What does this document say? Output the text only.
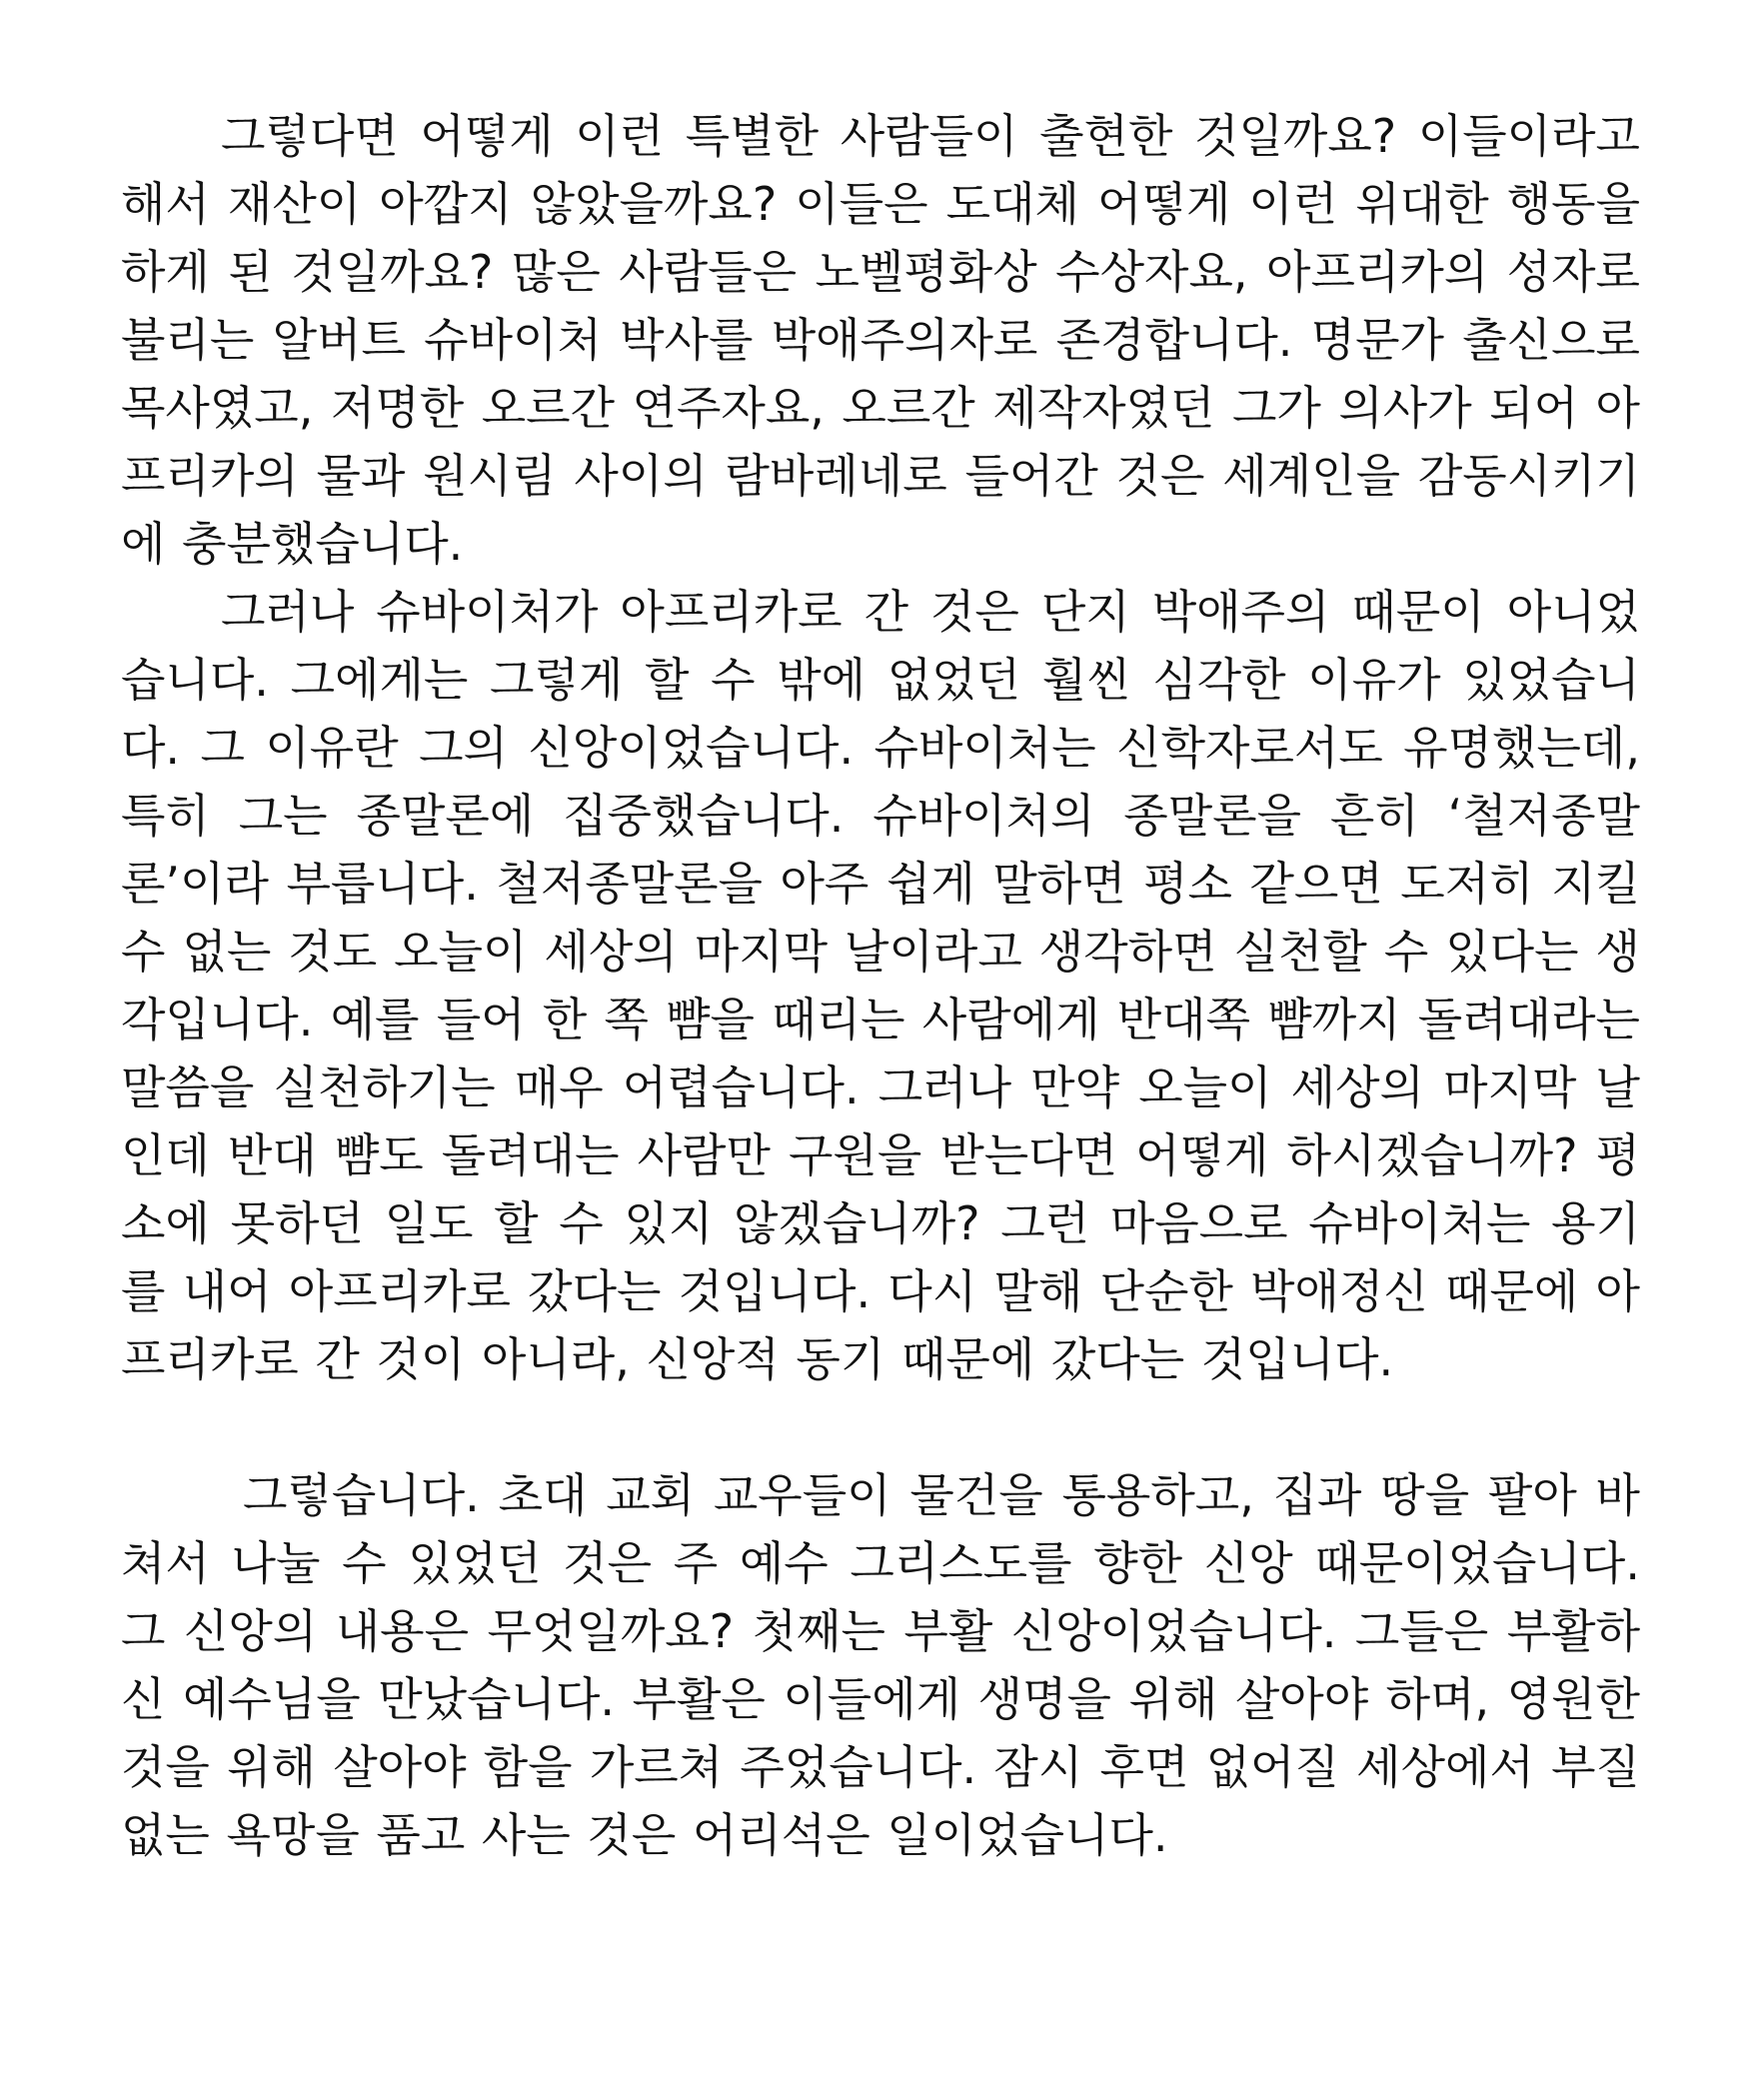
그렇다면 어떻게 이런 특별한 사람들이 출현한 것일까요? 이들이라고 해서 재산이 아깝지 않았을까요? 이들은 도대체 어떻게 이런 위대한 행동을 하게 된 것일까요? 많은 사람들은 노벨평화상 수상자요, 아프리카의 성자로 불리는 알버트 슈바이처 박사를 박애주의자로 존경합니다. 명문가 출신으로 목사였고, 저명한 오르간 연주자요, 오르간 제작자였던 그가 의사가 되어 아프리카의 물과 원시림 사이의 람바레네로 들어간 것은 세계인을 감동시키기에 충분했습니다.

그러나 슈바이처가 아프리카로 간 것은 단지 박애주의 때문이 아니었습니다. 그에게는 그렇게 할 수 밖에 없었던 훨씬 심각한 이유가 있었습니다. 그 이유란 그의 신앙이었습니다. 슈바이처는 신학자로서도 유명했는데, 특히 그는 종말론에 집중했습니다. 슈바이처의 종말론을 흔히 ‘철저종말론’이라 부릅니다. 철저종말론을 아주 쉽게 말하면 평소 같으면 도저히 지킬 수 없는 것도 오늘이 세상의 마지막 날이라고 생각하면 실천할 수 있다는 생각입니다. 예를 들어 한 쪽 뺨을 때리는 사람에게 반대쪽 뺨까지 돌려대라는 말씀을 실천하기는 매우 어렵습니다. 그러나 만약 오늘이 세상의 마지막 날인데 반대 뺨도 돌려대는 사람만 구원을 받는다면 어떻게 하시겠습니까? 평소에 못하던 일도 할 수 있지 않겠습니까? 그런 마음으로 슈바이처는 용기를 내어 아프리카로 갔다는 것입니다. 다시 말해 단순한 박애정신 때문에 아프리카로 간 것이 아니라, 신앙적 동기 때문에 갔다는 것입니다.

그렇습니다. 초대 교회 교우들이 물건을 통용하고, 집과 땅을 팔아 바쳐서 나눌 수 있었던 것은 주 예수 그리스도를 향한 신앙 때문이었습니다. 그 신앙의 내용은 무엇일까요? 첫째는 부활 신앙이었습니다. 그들은 부활하신 예수님을 만났습니다. 부활은 이들에게 생명을 위해 살아야 하며, 영원한 것을 위해 살아야 함을 가르쳐 주었습니다. 잠시 후면 없어질 세상에서 부질없는 욕망을 품고 사는 것은 어리석은 일이었습니다.
